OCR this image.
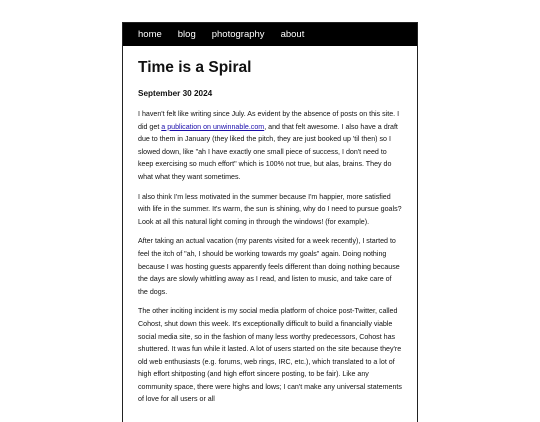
home blog photography about
Time is a Spiral
September 30 2024

I haven't felt like writing since July. As evident by the absence of posts on this site. I did get a publication on unwinnable.com, and that felt awesome. I also have a draft due to them in January (they liked the pitch, they are just booked up 'til then) so I slowed down, like "ah I have exactly one small piece of success, I don't need to keep exercising so much effort" which is 100% not true, but alas, brains. They do what what they want sometimes.

I also think I'm less motivated in the summer because I'm happier, more satisfied with life in the summer. It's warm, the sun is shining, why do I need to pursue goals? Look at all this natural light coming in through the windows! (for example).

After taking an actual vacation (my parents visited for a week recently), I started to feel the itch of "ah, I should be working towards my goals" again. Doing nothing because I was hosting guests apparently feels different than doing nothing because the days are slowly whittling away as I read, and listen to music, and take care of the dogs.

The other inciting incident is my social media platform of choice post-Twitter, called Cohost, shut down this week. It's exceptionally difficult to build a financially viable social media site, so in the fashion of many less worthy predecessors, Cohost has shuttered. It was fun while it lasted. A lot of users started on the site because they're old web enthusiasts (e.g. forums, web rings, IRC, etc.), which translated to a lot of high effort shitposting (and high effort sincere posting, to be fair). Like any community space, there were highs and lows; I can't make any universal statements of love for all users or all
